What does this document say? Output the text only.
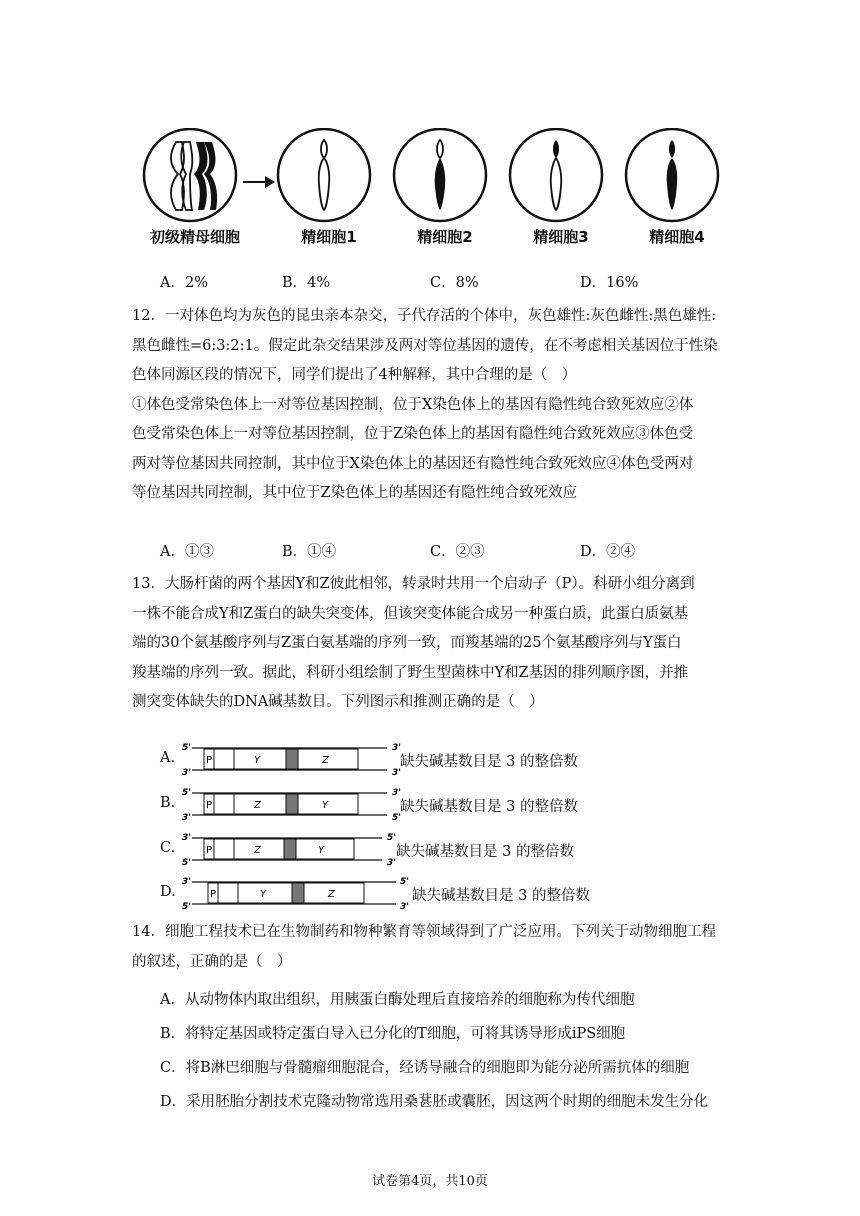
初级精母细胞	精细胞1	精细胞2	精细胞3	精细胞4
A．2%	B．4%	C．8%	D．16%
12．一对体色均为灰色的昆虫亲本杂交，子代存活的个体中，灰色雄性:灰色雌性:黑色雄性:
黑色雌性=6:3:2:1。假定此杂交结果涉及两对等位基因的遗传，在不考虑相关基因位于性染
色体同源区段的情况下，同学们提出了4种解释，其中合理的是（　）
①体色受常染色体上一对等位基因控制，位于X染色体上的基因有隐性纯合致死效应②体
色受常染色体上一对等位基因控制，位于Z染色体上的基因有隐性纯合致死效应③体色受
两对等位基因共同控制，其中位于X染色体上的基因还有隐性纯合致死效应④体色受两对
等位基因共同控制，其中位于Z染色体上的基因还有隐性纯合致死效应
A．①③	B．①④	C．②③	D．②④
13．大肠杆菌的两个基因Y和Z彼此相邻，转录时共用一个启动子（P）。科研小组分离到
一株不能合成Y和Z蛋白的缺失突变体，但该突变体能合成另一种蛋白质，此蛋白质氨基
端的30个氨基酸序列与Z蛋白氨基端的序列一致，而羧基端的25个氨基酸序列与Y蛋白
羧基端的序列一致。据此，科研小组绘制了野生型菌株中Y和Z基因的排列顺序图，并推
测突变体缺失的DNA碱基数目。下列图示和推测正确的是（　）
A.
5'
3'
3'
3'
P	Y	Z	缺失碱基数目是 3 的整倍数
B.
5'
3'
3'
5'
P	Z	Y	缺失碱基数目是 3 的整倍数
C.
3'
5'
5'
3'
P	Z	Y	缺失碱基数目是 3 的整倍数
D.
3'
5'
5'
3'
P	Y	Z	缺失碱基数目是 3 的整倍数
14．细胞工程技术已在生物制药和物种繁育等领域得到了广泛应用。下列关于动物细胞工程
的叙述，正确的是（　）
A．从动物体内取出组织，用胰蛋白酶处理后直接培养的细胞称为传代细胞
B．将特定基因或特定蛋白导入已分化的T细胞，可将其诱导形成iPS细胞
C．将B淋巴细胞与骨髓瘤细胞混合，经诱导融合的细胞即为能分泌所需抗体的细胞
D．采用胚胎分割技术克隆动物常选用桑葚胚或囊胚，因这两个时期的细胞未发生分化
试卷第4页，共10页
